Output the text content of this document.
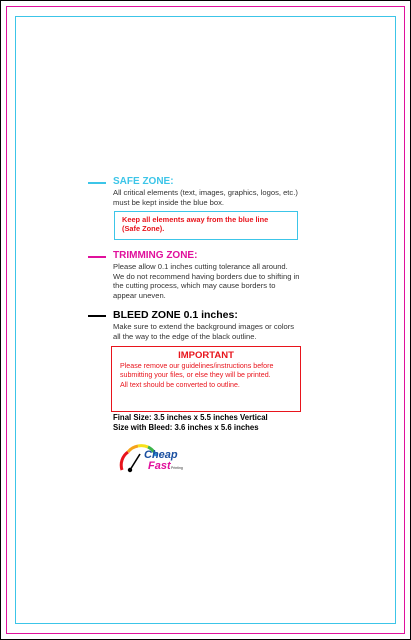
SAFE ZONE:
All critical elements (text, images, graphics, logos, etc.)
must be kept inside the blue box.
Keep all elements away from the blue line
(Safe Zone).
TRIMMING ZONE:
Please allow 0.1 inches cutting tolerance all around.
We do not recommend having borders due to shifting in
the cutting process, which may cause borders to
appear uneven.
BLEED ZONE 0.1 inches:
Make sure to extend the background images or colors
all the way to the edge of the black outline.
IMPORTANT
Please remove our guidelines/instructions before
submitting your files, or else they will be printed.
All text should be converted to outline.
Final Size: 3.5 inches x 5.5 inches Vertical
Size with Bleed: 3.6 inches x 5.6 inches
Cheap
Fast Printing
